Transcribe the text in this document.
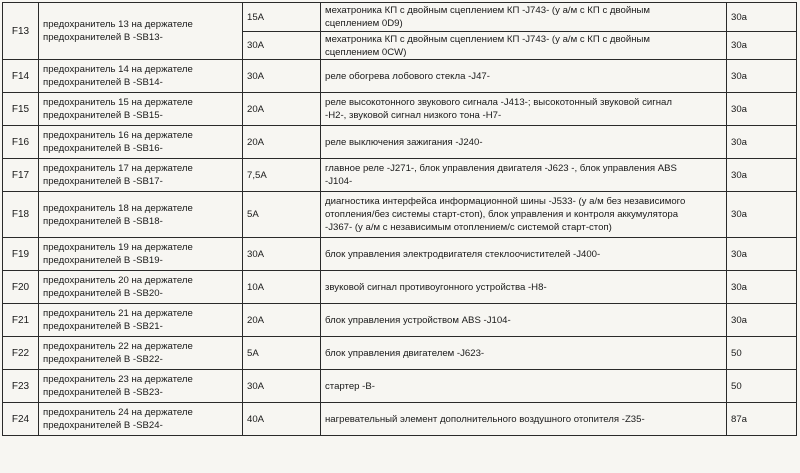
F13	предохранитель 13 на держателе
предохранителей B -SB13-	15A	мехатроника КП с двойным сцеплением КП -J743- (у а/м с КП с двойным
сцеплением 0D9)	30a
		30A	мехатроника КП с двойным сцеплением КП -J743- (у а/м с КП с двойным
сцеплением 0CW)	30a
F14	предохранитель 14 на держателе
предохранителей B -SB14-	30A	реле обогрева лобового стекла -J47-	30a
F15	предохранитель 15 на держателе
предохранителей B -SB15-	20A	реле высокотонного звукового сигнала -J413-; высокотонный звуковой сигнал
-H2-, звуковой сигнал низкого тона -H7-	30a
F16	предохранитель 16 на держателе
предохранителей B -SB16-	20A	реле выключения зажигания -J240-	30a
F17	предохранитель 17 на держателе
предохранителей B -SB17-	7,5A	главное реле -J271-, блок управления двигателя -J623 -, блок управления ABS
-J104-	30a
F18	предохранитель 18 на держателе
предохранителей B -SB18-	5A	диагностика интерфейса информационной шины -J533- (у а/м без независимого
отопления/без системы старт-стоп), блок управления и контроля аккумулятора
-J367- (у а/м с независимым отоплением/с системой старт-стоп)	30a
F19	предохранитель 19 на держателе
предохранителей B -SB19-	30A	блок управления электродвигателя стеклоочистителей -J400-	30a
F20	предохранитель 20 на держателе
предохранителей B -SB20-	10A	звуковой сигнал противоугонного устройства -H8-	30a
F21	предохранитель 21 на держателе
предохранителей B -SB21-	20A	блок управления устройством ABS -J104-	30a
F22	предохранитель 22 на держателе
предохранителей B -SB22-	5A	блок управления двигателем -J623-	50
F23	предохранитель 23 на держателе
предохранителей B -SB23-	30A	стартер -B-	50
F24	предохранитель 24 на держателе
предохранителей B -SB24-	40A	нагревательный элемент дополнительного воздушного отопителя -Z35-	87a
